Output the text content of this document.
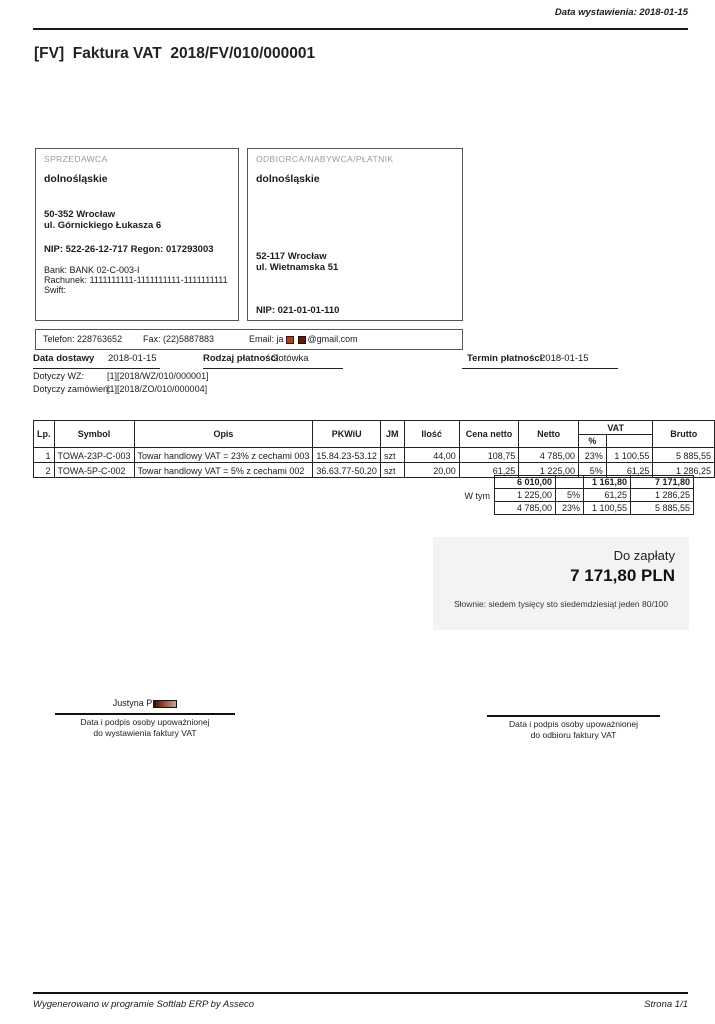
Data wystawienia: 2018-01-15
[FV]  Faktura VAT  2018/FV/010/000001
SPRZEDAWCA
dolnośląskie
50-352 Wrocław
ul. Górnickiego Łukasza 6
NIP: 522-26-12-717 Regon: 017293003
Bank: BANK 02-C-003-I
Rachunek: 1111111111-1111111111-1111111111
Swift:
ODBIORCA/NABYWCA/PŁATNIK
dolnośląskie
52-117 Wrocław
ul. Wietnamska 51
NIP: 021-01-01-110
Telefon: 228763652 Fax: (22)5887883	Email: ja	@gmail.com
Data dostawy 2018-01-15	Rodzaj płatności
Gotówka	Termin płatności
2018-01-15
Dotyczy WZ:	[1][2018/WZ/010/000001]
Dotyczy zamówień:
[1][2018/ZO/010/000004]
Lp.	Symbol	Opis	PKWiU	JM	Ilość	Cena netto	Netto	VAT		Brutto
								%		
1	TOWA-23P-C-003	Towar handlowy VAT = 23% z cechami 003	15.84.23-53.12	szt	44,00	108,75	4 785,00	23%	1 100,55	5 885,55
2	TOWA-5P-C-002	Towar handlowy VAT = 5% z cechami 002	36.63.77-50.20	szt	20,00	61,25	1 225,00	5%	61,25	1 286,25
W tym
6 010,00		1 161,80	7 171,80
1 225,00	5%	61,25	1 286,25
4 785,00	23%	1 100,55	5 885,55
Do zapłaty
7 171,80 PLN
Słownie: siedem tysięcy sto siedemdziesiąt jeden 80/100
Justyna P
Data i podpis osoby upoważnionej
do wystawienia faktury VAT
Data i podpis osoby upoważnionej
do odbioru faktury VAT
Wygenerowano w programie Softlab ERP by Asseco	Strona 1/1
